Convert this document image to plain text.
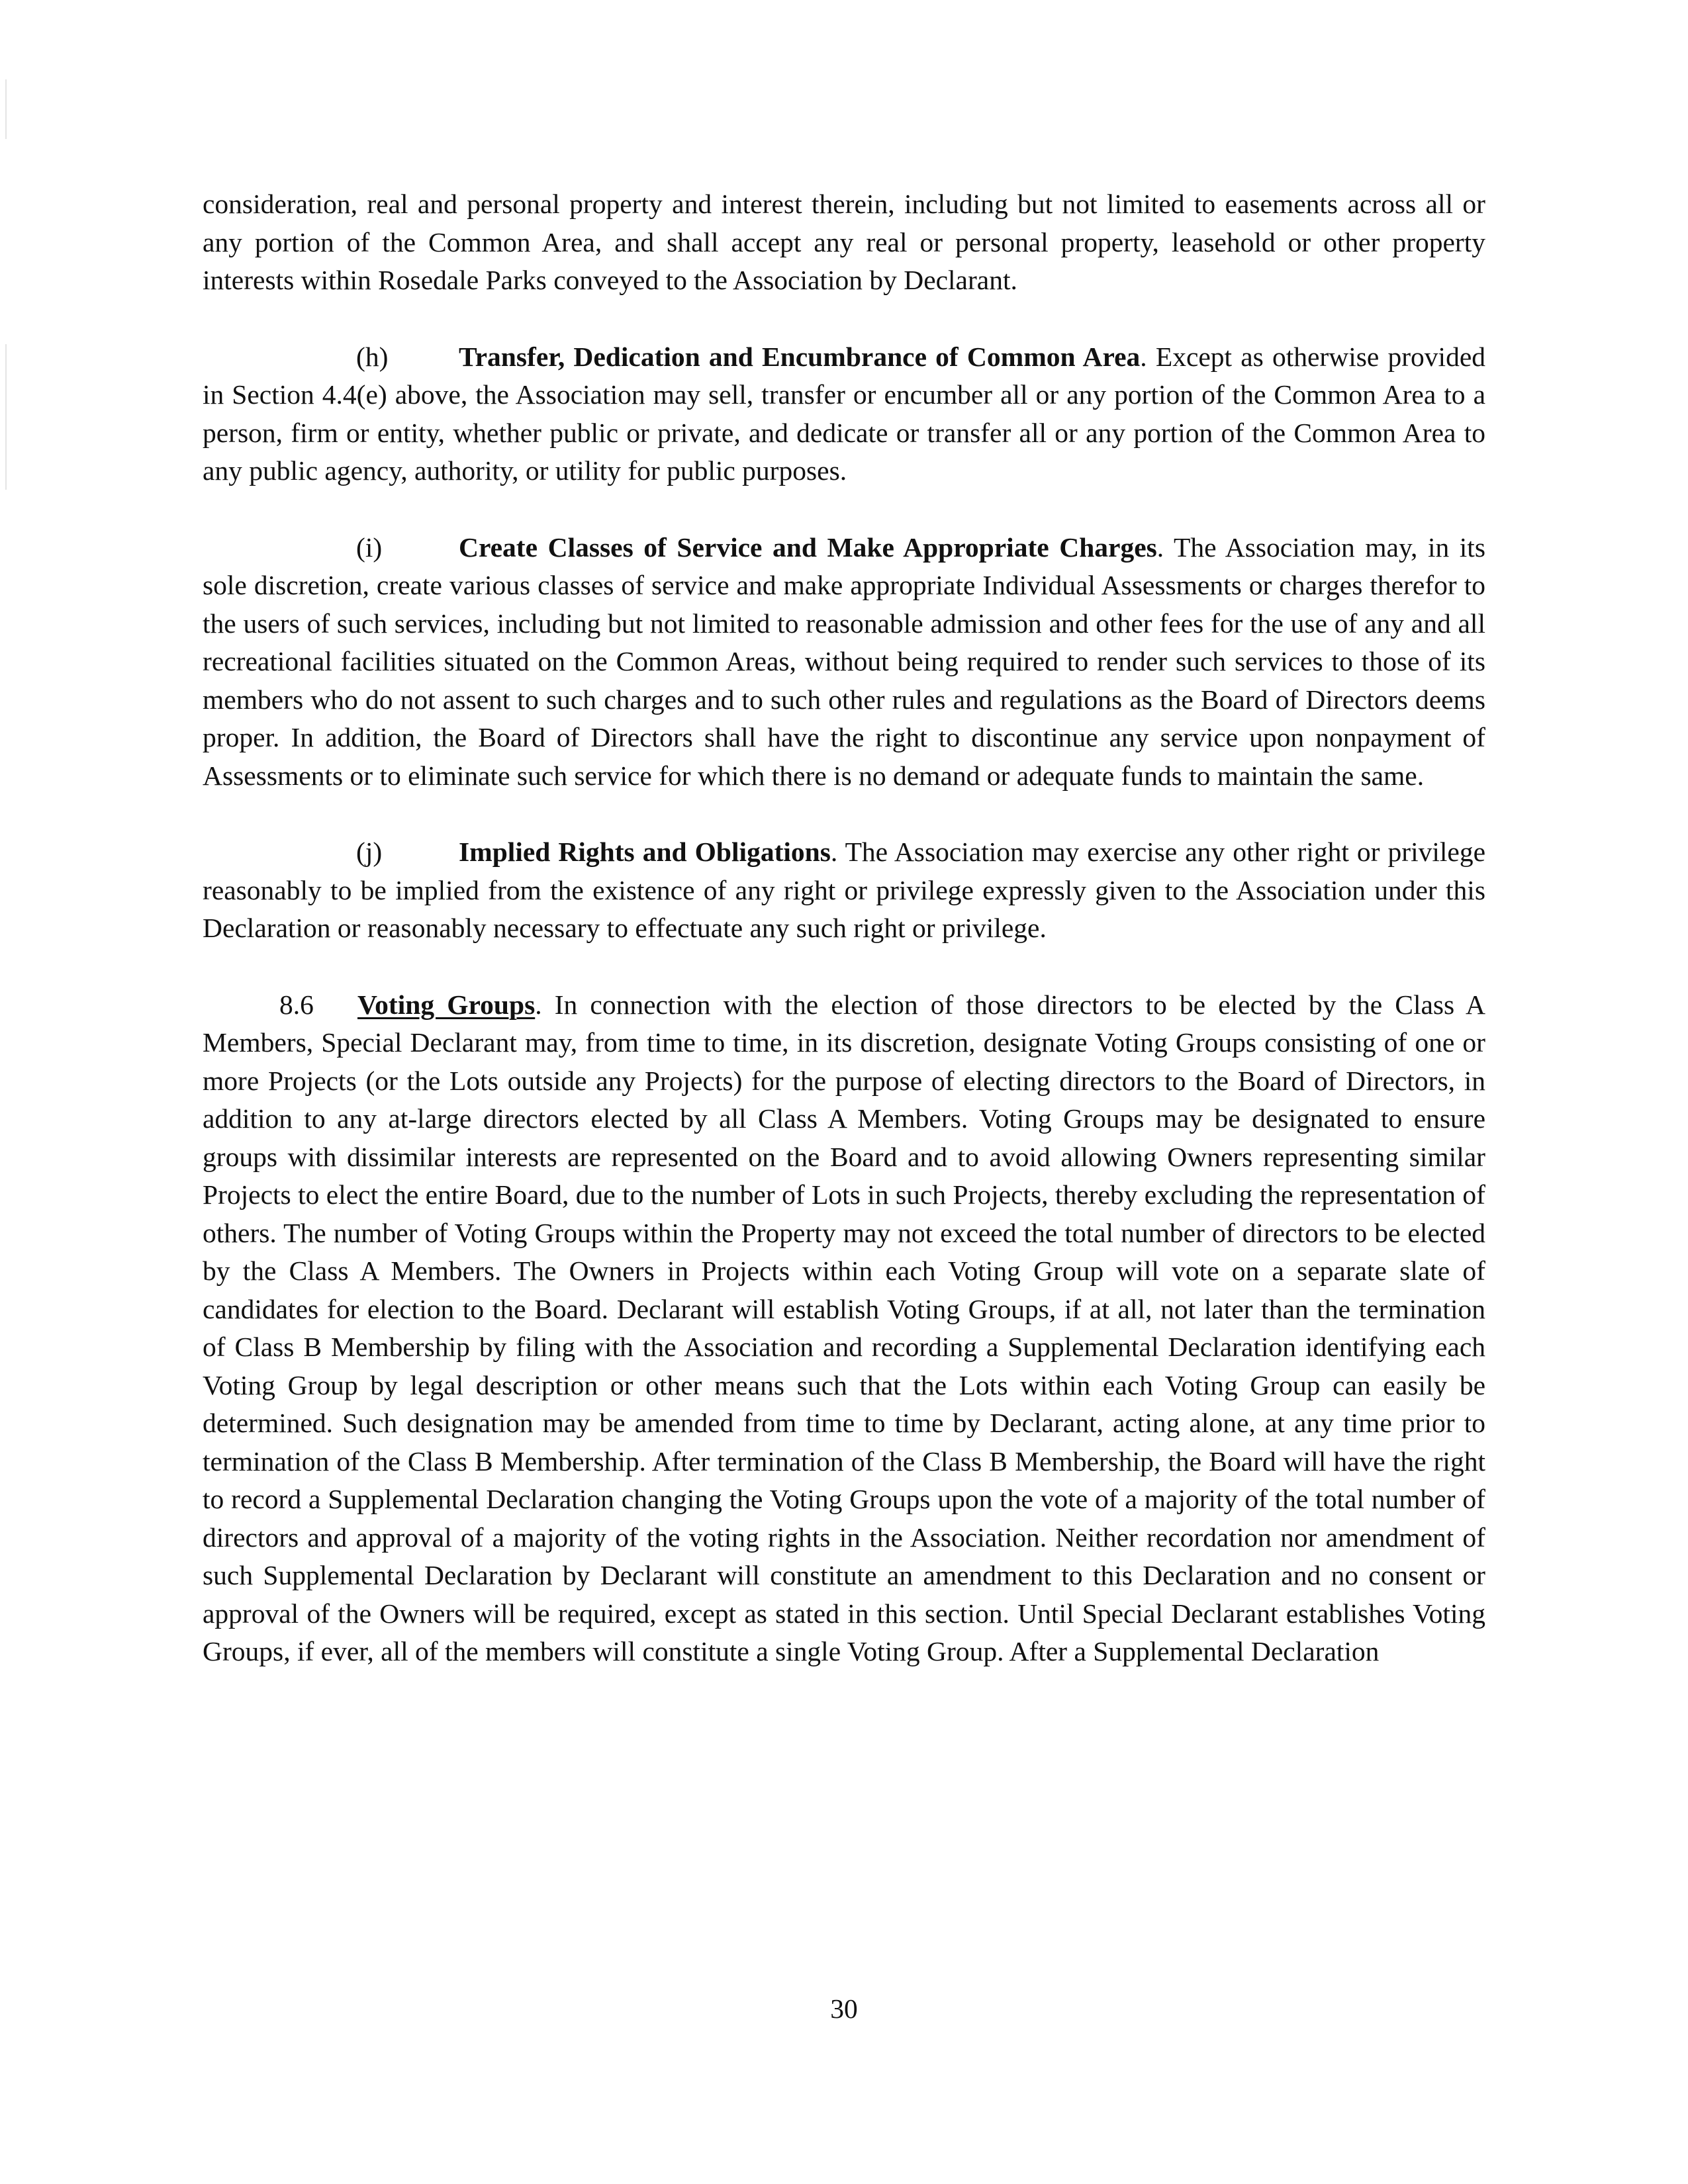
consideration, real and personal property and interest therein, including but not limited to easements across all or any portion of the Common Area, and shall accept any real or personal property, leasehold or other property interests within Rosedale Parks conveyed to the Association by Declarant.

(h)	Transfer, Dedication and Encumbrance of Common Area. Except as otherwise provided in Section 4.4(e) above, the Association may sell, transfer or encumber all or any portion of the Common Area to a person, firm or entity, whether public or private, and dedicate or transfer all or any portion of the Common Area to any public agency, authority, or utility for public purposes.

(i)	Create Classes of Service and Make Appropriate Charges. The Association may, in its sole discretion, create various classes of service and make appropriate Individual Assessments or charges therefor to the users of such services, including but not limited to reasonable admission and other fees for the use of any and all recreational facilities situated on the Common Areas, without being required to render such services to those of its members who do not assent to such charges and to such other rules and regulations as the Board of Directors deems proper. In addition, the Board of Directors shall have the right to discontinue any service upon nonpayment of Assessments or to eliminate such service for which there is no demand or adequate funds to maintain the same.

(j)	Implied Rights and Obligations. The Association may exercise any other right or privilege reasonably to be implied from the existence of any right or privilege expressly given to the Association under this Declaration or reasonably necessary to effectuate any such right or privilege.

8.6 Voting Groups. In connection with the election of those directors to be elected by the Class A Members, Special Declarant may, from time to time, in its discretion, designate Voting Groups consisting of one or more Projects (or the Lots outside any Projects) for the purpose of electing directors to the Board of Directors, in addition to any at-large directors elected by all Class A Members. Voting Groups may be designated to ensure groups with dissimilar interests are represented on the Board and to avoid allowing Owners representing similar Projects to elect the entire Board, due to the number of Lots in such Projects, thereby excluding the representation of others. The number of Voting Groups within the Property may not exceed the total number of directors to be elected by the Class A Members. The Owners in Projects within each Voting Group will vote on a separate slate of candidates for election to the Board. Declarant will establish Voting Groups, if at all, not later than the termination of Class B Membership by filing with the Association and recording a Supplemental Declaration identifying each Voting Group by legal description or other means such that the Lots within each Voting Group can easily be determined. Such designation may be amended from time to time by Declarant, acting alone, at any time prior to termination of the Class B Membership. After termination of the Class B Membership, the Board will have the right to record a Supplemental Declaration changing the Voting Groups upon the vote of a majority of the total number of directors and approval of a majority of the voting rights in the Association. Neither recordation nor amendment of such Supplemental Declaration by Declarant will constitute an amendment to this Declaration and no consent or approval of the Owners will be required, except as stated in this section. Until Special Declarant establishes Voting Groups, if ever, all of the members will constitute a single Voting Group. After a Supplemental Declaration

30
